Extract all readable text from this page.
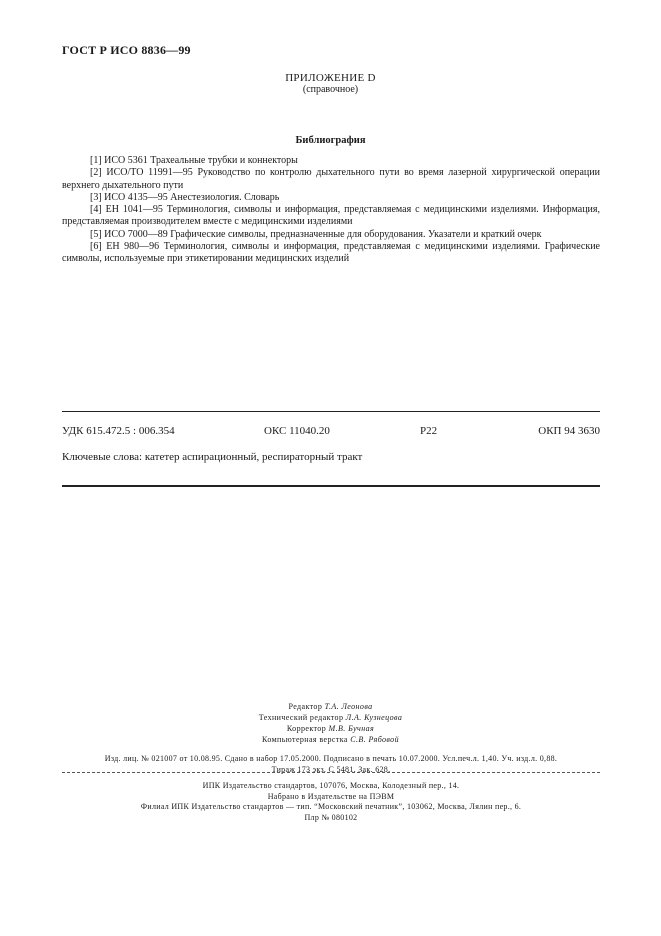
ГОСТ Р ИСО 8836—99
ПРИЛОЖЕНИЕ D
(справочное)
Библиография

[1] ИСО 5361 Трахеальные трубки и коннекторы

[2] ИСО/ТО 11991—95 Руководство по контролю дыхательного пути во время лазерной хирургической операции верхнего дыхательного пути

[3] ИСО 4135—95 Анестезиология. Словарь

[4] ЕН 1041—95 Терминология, символы и информация, представляемая с медицинскими изделиями. Информация, представляемая производителем вместе с медицинскими изделиями

[5] ИСО 7000—89 Графические символы, предназначенные для оборудования. Указатели и краткий очерк

[6] ЕН 980—96 Терминология, символы и информация, представляемая с медицинскими изделиями. Графические символы, используемые при этикетировании медицинских изделий

УДК 615.472.5 : 006.354	ОКС 11040.20	Р22	ОКП 94 3630
Ключевые слова: катетер аспирационный, респираторный тракт
Редактор Т.А. Леонова
Технический редактор Л.А. Кузнецова
Корректор М.В. Бучная
Компьютерная верстка С.В. Рябовой
Изд. лиц. № 021007 от 10.08.95. Сдано в набор 17.05.2000. Подписано в печать 10.07.2000. Усл.печ.л. 1,40. Уч. изд.л. 0,88.
Тираж 173 экз. С 5481. Зак. 628.
ИПК Издательство стандартов, 107076, Москва, Колодезный пер., 14.
Набрано в Издательстве на ПЭВМ
Филиал ИПК Издательство стандартов — тип. “Московский печатник”, 103062, Москва, Лялин пер., 6.
Плр № 080102
